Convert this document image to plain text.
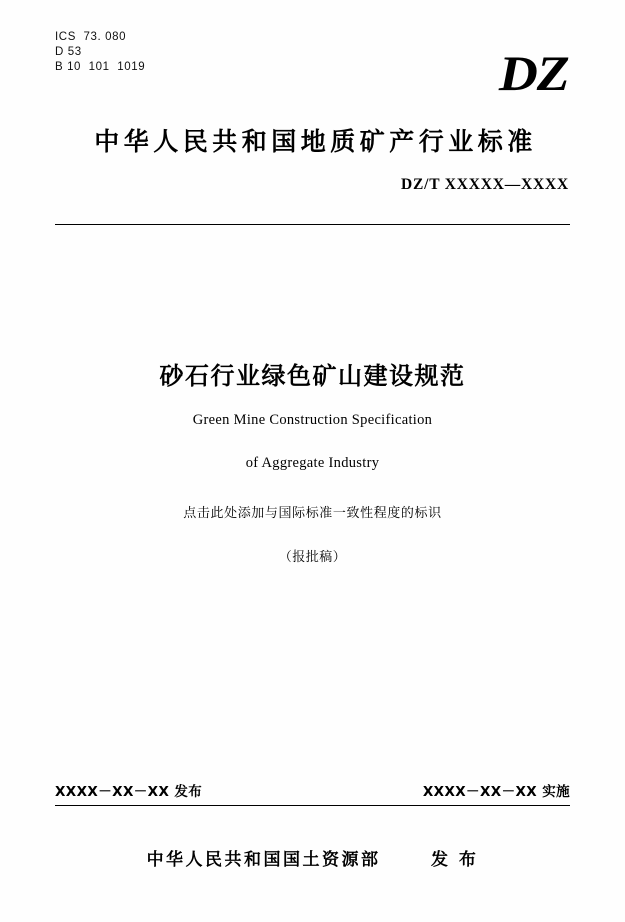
ICS  73. 080
D 53
B 10  101  1019	DZ
中华人民共和国地质矿产行业标准
DZ/T XXXXX—XXXX
砂石行业绿色矿山建设规范
Green Mine Construction Specification
of Aggregate Industry
点击此处添加与国际标准一致性程度的标识
（报批稿）
XXXX－XX－XX 发布	XXXX－XX－XX 实施
中华人民共和国国土资源部	发 布
